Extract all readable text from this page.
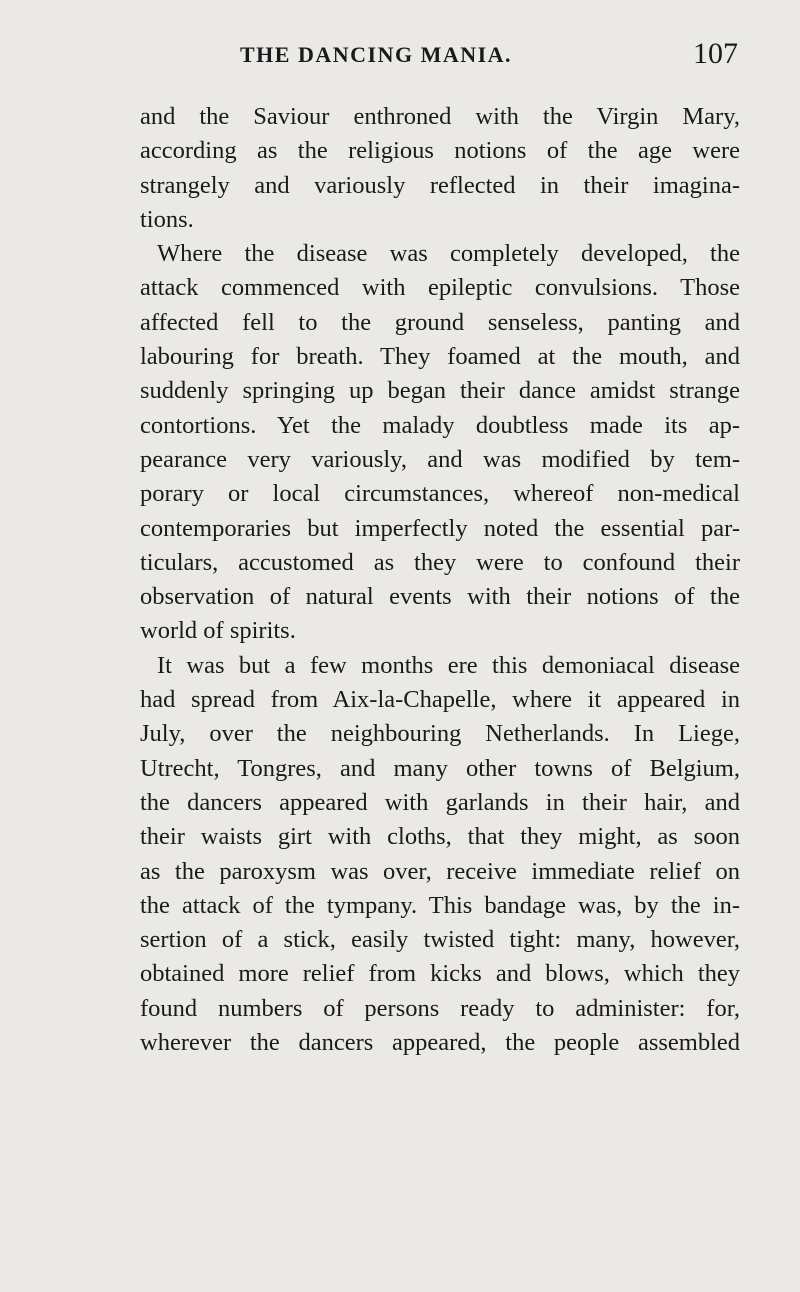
THE DANCING MANIA.	107
and the Saviour enthroned with the Virgin Mary,
according as the religious notions of the age were
strangely and variously reflected in their imagina-
tions.
Where the disease was completely developed, the
attack commenced with epileptic convulsions. Those
affected fell to the ground senseless, panting and
labouring for breath. They foamed at the mouth, and
suddenly springing up began their dance amidst strange
contortions. Yet the malady doubtless made its ap-
pearance very variously, and was modified by tem-
porary or local circumstances, whereof non-medical
contemporaries but imperfectly noted the essential par-
ticulars, accustomed as they were to confound their
observation of natural events with their notions of the
world of spirits.
It was but a few months ere this demoniacal disease
had spread from Aix-la-Chapelle, where it appeared in
July, over the neighbouring Netherlands. In Liege,
Utrecht, Tongres, and many other towns of Belgium,
the dancers appeared with garlands in their hair, and
their waists girt with cloths, that they might, as soon
as the paroxysm was over, receive immediate relief on
the attack of the tympany. This bandage was, by the in-
sertion of a stick, easily twisted tight: many, however,
obtained more relief from kicks and blows, which they
found numbers of persons ready to administer: for,
wherever the dancers appeared, the people assembled
